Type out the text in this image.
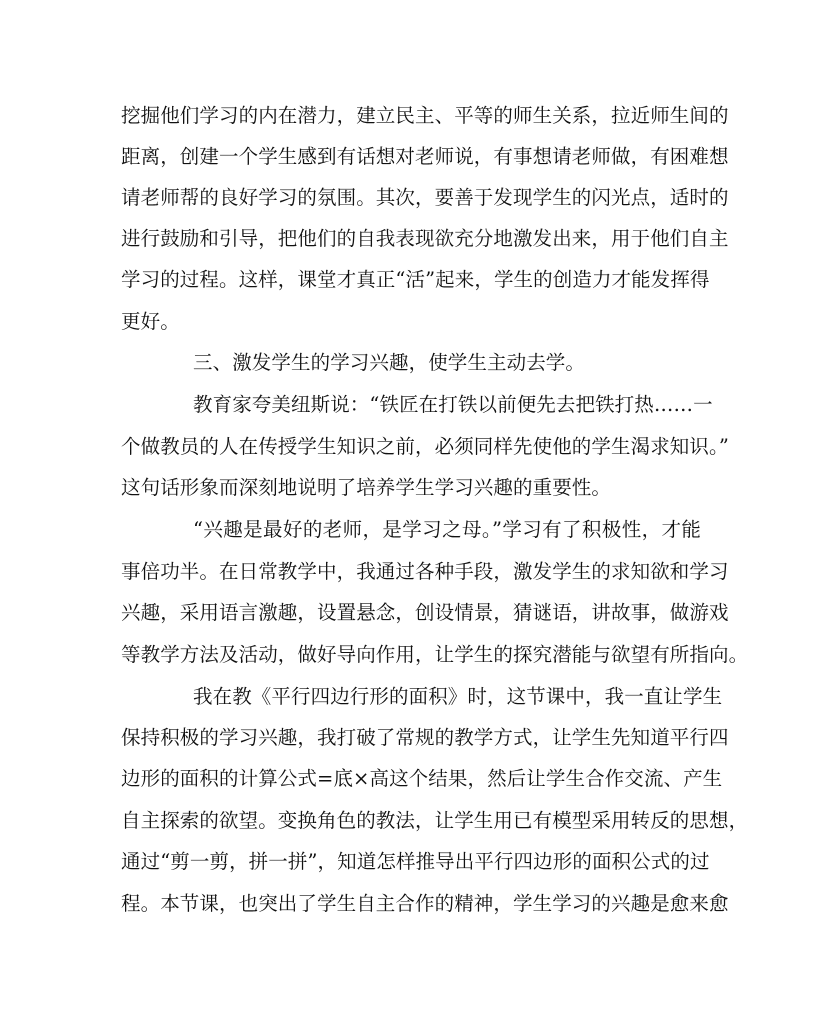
挖掘他们学习的内在潜力，建立民主、平等的师生关系，拉近师生间的
距离，创建一个学生感到有话想对老师说，有事想请老师做，有困难想
请老师帮的良好学习的氛围。其次，要善于发现学生的闪光点，适时的
进行鼓励和引导，把他们的自我表现欲充分地激发出来，用于他们自主
学习的过程。这样，课堂才真正“活”起来，学生的创造力才能发挥得
更好。
三、激发学生的学习兴趣，使学生主动去学。
教育家夸美纽斯说：“铁匠在打铁以前便先去把铁打热……一
个做教员的人在传授学生知识之前，必须同样先使他的学生渴求知识。”
这句话形象而深刻地说明了培养学生学习兴趣的重要性。
“兴趣是最好的老师，是学习之母。”学习有了积极性，才能
事倍功半。在日常教学中，我通过各种手段，激发学生的求知欲和学习
兴趣，采用语言激趣，设置悬念，创设情景，猜谜语，讲故事，做游戏
等教学方法及活动，做好导向作用，让学生的探究潜能与欲望有所指向。
我在教《平行四边行形的面积》时，这节课中，我一直让学生
保持积极的学习兴趣，我打破了常规的教学方式，让学生先知道平行四
边形的面积的计算公式=底×高这个结果，然后让学生合作交流、产生
自主探索的欲望。变换角色的教法，让学生用已有模型采用转反的思想，
通过“剪一剪，拼一拼”，知道怎样推导出平行四边形的面积公式的过
程。本节课，也突出了学生自主合作的精神，学生学习的兴趣是愈来愈
